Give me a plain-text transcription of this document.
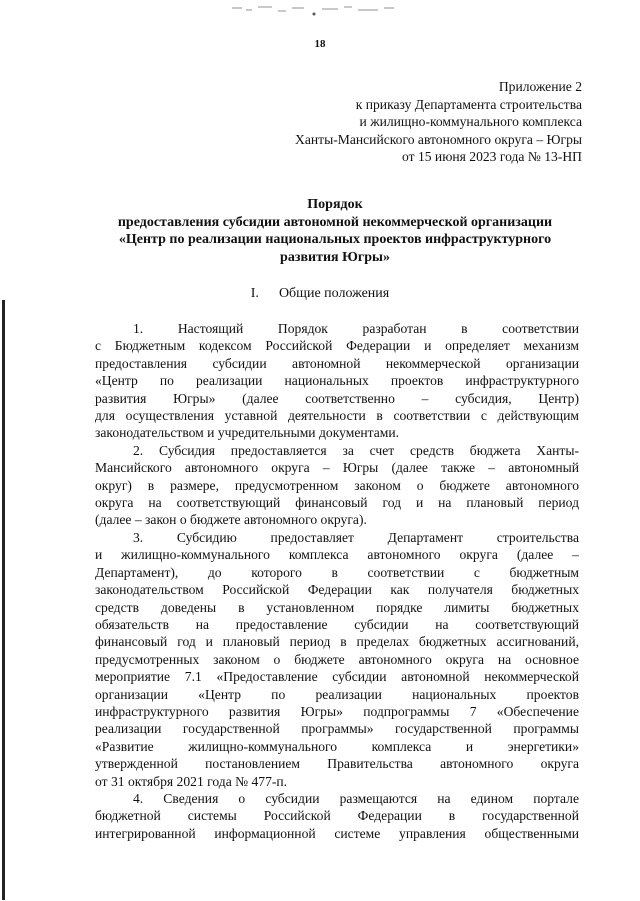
18
Приложение 2
к приказу Департамента строительства
и жилищно-коммунального комплекса
Ханты-Мансийского автономного округа – Югры
от 15 июня 2023 года № 13-НП
Порядок
предоставления субсидии автономной некоммерческой организации
«Центр по реализации национальных проектов инфраструктурного
развития Югры»
I. Общие положения
1. Настоящий Порядок разработан в соответствии
с Бюджетным кодексом Российской Федерации и определяет механизм
предоставления субсидии автономной некоммерческой организации
«Центр по реализации национальных проектов инфраструктурного
развития Югры» (далее соответственно – субсидия, Центр)
для осуществления уставной деятельности в соответствии с действующим
законодательством и учредительными документами.
2. Субсидия предоставляется за счет средств бюджета Ханты-
Мансийского автономного округа – Югры (далее также – автономный
округ) в размере, предусмотренном законом о бюджете автономного
округа на соответствующий финансовый год и на плановый период
(далее – закон о бюджете автономного округа).
3. Субсидию предоставляет Департамент строительства
и жилищно-коммунального комплекса автономного округа (далее –
Департамент), до которого в соответствии с бюджетным
законодательством Российской Федерации как получателя бюджетных
средств доведены в установленном порядке лимиты бюджетных
обязательств на предоставление субсидии на соответствующий
финансовый год и плановый период в пределах бюджетных ассигнований,
предусмотренных законом о бюджете автономного округа на основное
мероприятие 7.1 «Предоставление субсидии автономной некоммерческой
организации «Центр по реализации национальных проектов
инфраструктурного развития Югры» подпрограммы 7 «Обеспечение
реализации государственной программы» государственной программы
«Развитие жилищно-коммунального комплекса и энергетики»
утвержденной постановлением Правительства автономного округа
от 31 октября 2021 года № 477-п.
4. Сведения о субсидии размещаются на едином портале
бюджетной системы Российской Федерации в государственной
интегрированной информационной системе управления общественными
